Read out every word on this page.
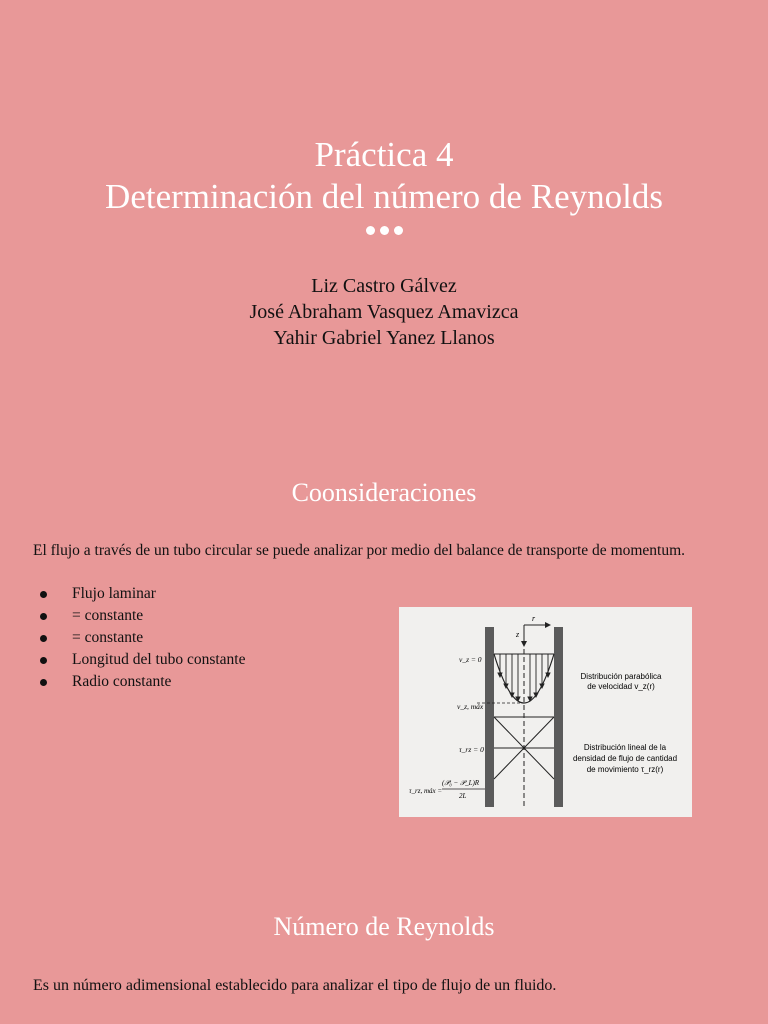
Práctica 4
Determinación del número de Reynolds
Liz Castro Gálvez
José Abraham Vasquez Amavizca
Yahir Gabriel Yanez Llanos
Coonsideraciones
El flujo a través de un tubo circular se puede analizar por medio del balance de transporte de momentum.
Flujo laminar
= constante
= constante
Longitud del tubo constante
Radio constante
r
z
v_z = 0
v_z, máx
τ_rz = 0
τ_rz, máx =
(𝒫₀ − 𝒫_L)R
2L
Distribución parabólica
de velocidad v_z(r)
Distribución lineal de la
densidad de flujo de cantidad
de movimiento τ_rz(r)
Número de Reynolds
Es un número adimensional establecido para analizar el tipo de flujo de un fluido.
